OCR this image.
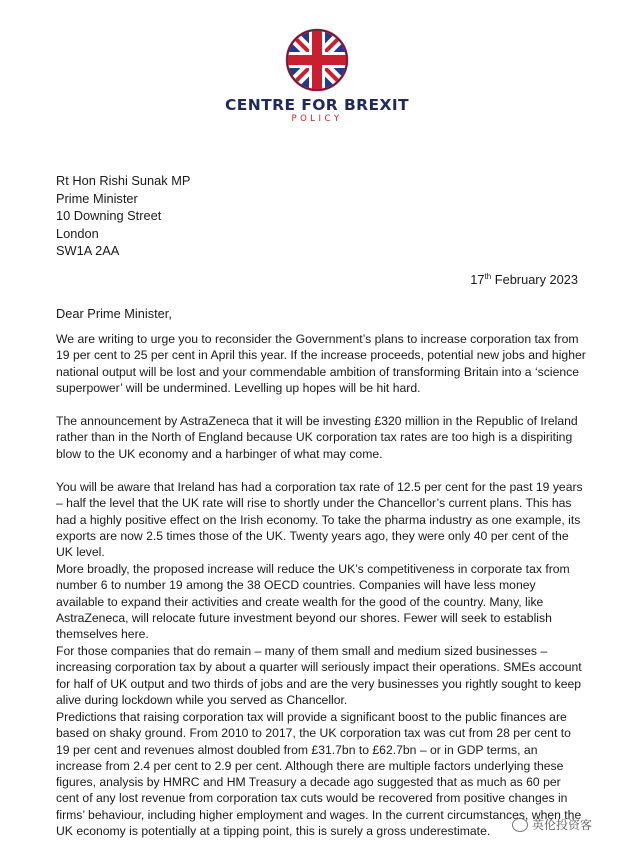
CENTRE FOR BREXIT
POLICY
Rt Hon Rishi Sunak MP
Prime Minister
10 Downing Street
London
SW1A 2AA
17th February 2023
Dear Prime Minister,

We are writing to urge you to reconsider the Government’s plans to increase corporation tax from 19 per cent to 25 per cent in April this year. If the increase proceeds, potential new jobs and higher national output will be lost and your commendable ambition of transforming Britain into a ‘science superpower’ will be undermined. Levelling up hopes will be hit hard.

The announcement by AstraZeneca that it will be investing £320 million in the Republic of Ireland rather than in the North of England because UK corporation tax rates are too high is a dispiriting blow to the UK economy and a harbinger of what may come.

You will be aware that Ireland has had a corporation tax rate of 12.5 per cent for the past 19 years – half the level that the UK rate will rise to shortly under the Chancellor’s current plans. This has had a highly positive effect on the Irish economy. To take the pharma industry as one example, its exports are now 2.5 times those of the UK. Twenty years ago, they were only 40 per cent of the UK level.

More broadly, the proposed increase will reduce the UK’s competitiveness in corporate tax from number 6 to number 19 among the 38 OECD countries. Companies will have less money available to expand their activities and create wealth for the good of the country. Many, like AstraZeneca, will relocate future investment beyond our shores. Fewer will seek to establish themselves here.

For those companies that do remain – many of them small and medium sized businesses – increasing corporation tax by about a quarter will seriously impact their operations. SMEs account for half of UK output and two thirds of jobs and are the very businesses you rightly sought to keep alive during lockdown while you served as Chancellor.

Predictions that raising corporation tax will provide a significant boost to the public finances are based on shaky ground. From 2010 to 2017, the UK corporation tax was cut from 28 per cent to 19 per cent and revenues almost doubled from £31.7bn to £62.7bn – or in GDP terms, an increase from 2.4 per cent to 2.9 per cent. Although there are multiple factors underlying these figures, analysis by HMRC and HM Treasury a decade ago suggested that as much as 60 per cent of any lost revenue from corporation tax cuts would be recovered from positive changes in firms’ behaviour, including higher employment and wages. In the current circumstances, when the UK economy is potentially at a tipping point, this is surely a gross underestimate.	英伦投资客
